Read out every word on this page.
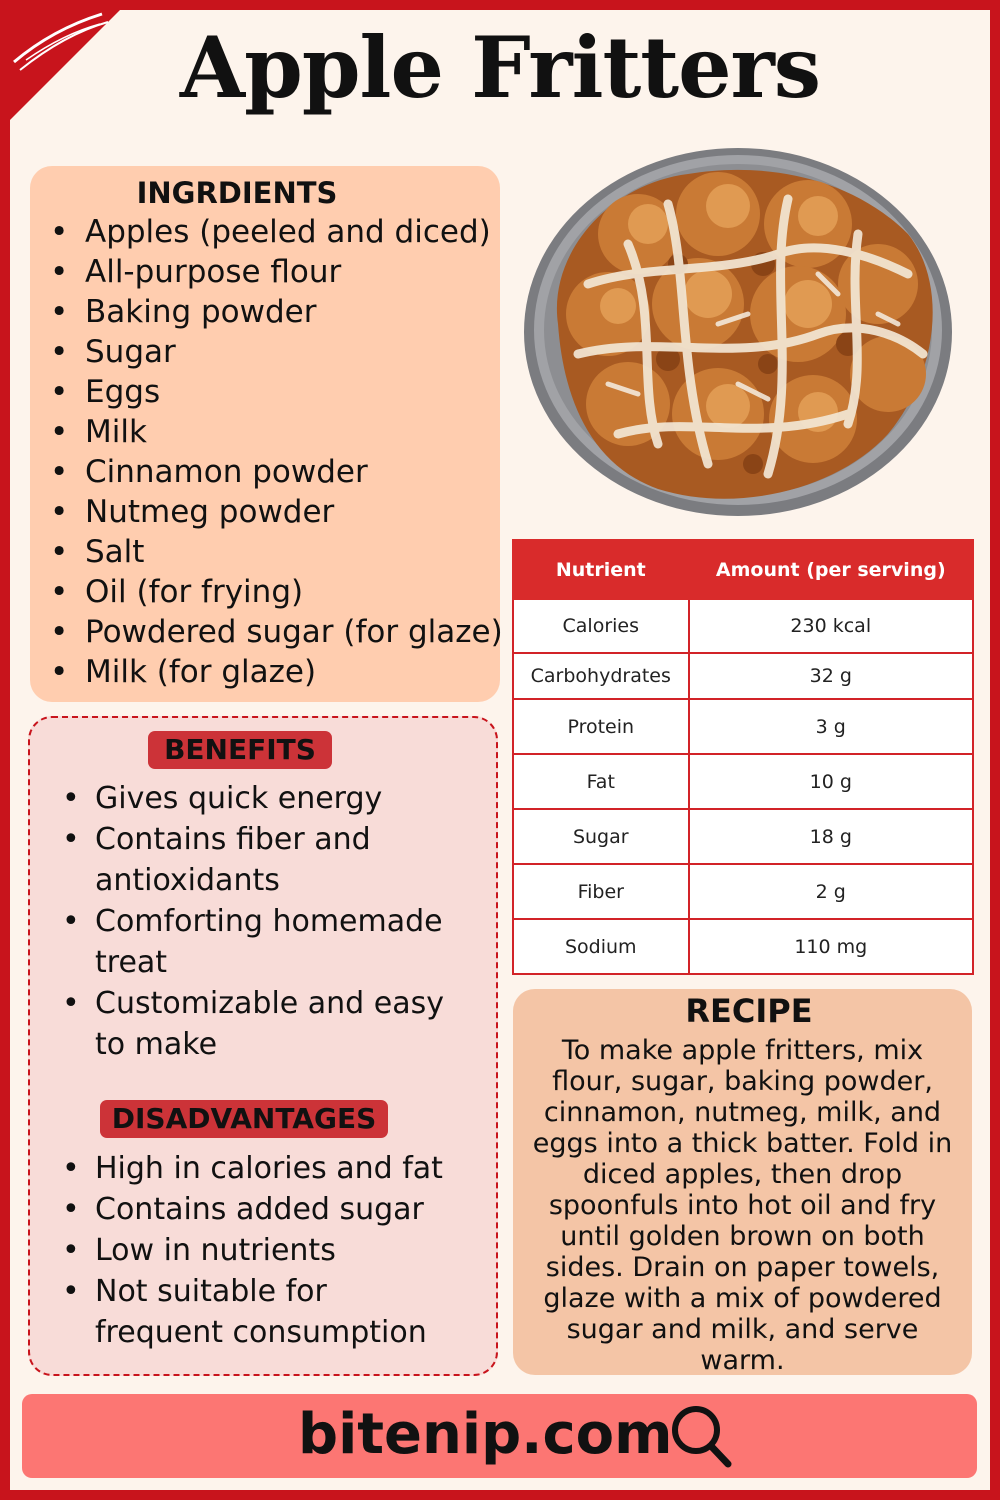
Apple Fritters
INGRDIENTS
• Apples (peeled and diced)
• All-purpose flour
• Baking powder
• Sugar
• Eggs
• Milk
• Cinnamon powder
• Nutmeg powder
• Salt
• Oil (for frying)
• Powdered sugar (for glaze)
• Milk (for glaze)
BENEFITS
• Gives quick energy
• Contains fiber and antioxidants
• Comforting homemade treat
• Customizable and easy to make
DISADVANTAGES
• High in calories and fat
• Contains added sugar
• Low in nutrients
• Not suitable for frequent consumption
Nutrient	Amount (per serving)
Calories	230 kcal
Carbohydrates	32 g
Protein	3 g
Fat	10 g
Sugar	18 g
Fiber	2 g
Sodium	110 mg
RECIPE
To make apple fritters, mix flour, sugar, baking powder, cinnamon, nutmeg, milk, and eggs into a thick batter. Fold in diced apples, then drop spoonfuls into hot oil and fry until golden brown on both sides. Drain on paper towels, glaze with a mix of powdered sugar and milk, and serve warm.
bitenip.com
